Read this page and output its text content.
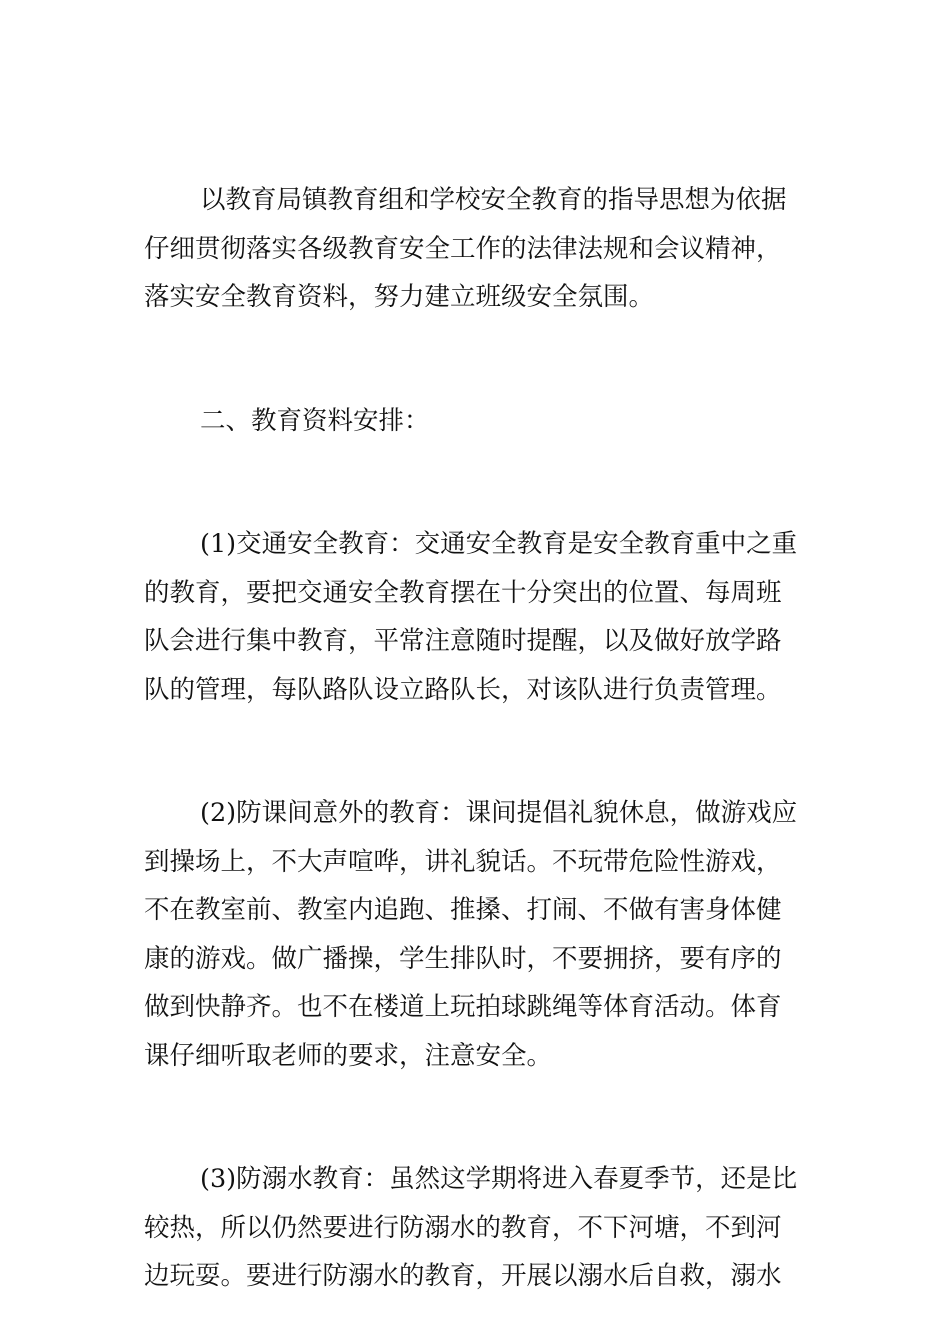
以教育局镇教育组和学校安全教育的指导思想为依据
仔细贯彻落实各级教育安全工作的法律法规和会议精神，
落实安全教育资料，努力建立班级安全氛围。

二、教育资料安排：

(1)交通安全教育：交通安全教育是安全教育重中之重
的教育，要把交通安全教育摆在十分突出的位置、每周班
队会进行集中教育，平常注意随时提醒，以及做好放学路
队的管理，每队路队设立路队长，对该队进行负责管理。

(2)防课间意外的教育：课间提倡礼貌休息，做游戏应
到操场上，不大声喧哗，讲礼貌话。不玩带危险性游戏，
不在教室前、教室内追跑、推搡、打闹、不做有害身体健
康的游戏。做广播操，学生排队时，不要拥挤，要有序的
做到快静齐。也不在楼道上玩拍球跳绳等体育活动。体育
课仔细听取老师的要求，注意安全。

(3)防溺水教育：虽然这学期将进入春夏季节，还是比
较热，所以仍然要进行防溺水的教育，不下河塘，不到河
边玩耍。要进行防溺水的教育，开展以溺水后自救，溺水
